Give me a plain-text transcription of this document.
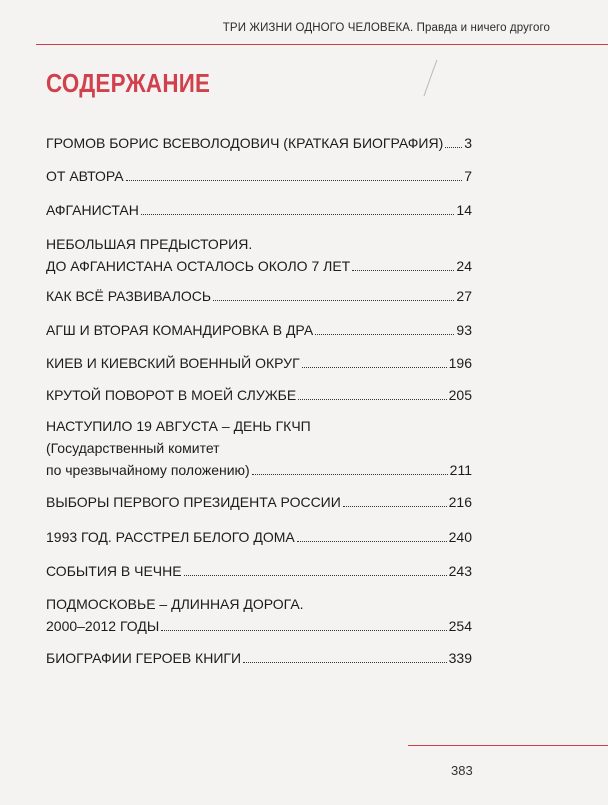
ТРИ ЖИЗНИ ОДНОГО ЧЕЛОВЕКА. Правда и ничего другого
СОДЕРЖАНИЕ
ГРОМОВ БОРИС ВСЕВОЛОДОВИЧ (КРАТКАЯ БИОГРАФИЯ) 3
ОТ АВТОРА	7
АФГАНИСТАН	14
НЕБОЛЬШАЯ ПРЕДЫСТОРИЯ.
ДО АФГАНИСТАНА ОСТАЛОСЬ ОКОЛО 7 ЛЕТ	24
КАК ВСЁ РАЗВИВАЛОСЬ	27
АГШ И ВТОРАЯ КОМАНДИРОВКА В ДРА	93
КИЕВ И КИЕВСКИЙ ВОЕННЫЙ ОКРУГ	196
КРУТОЙ ПОВОРОТ В МОЕЙ СЛУЖБЕ	205
НАСТУПИЛО 19 АВГУСТА – ДЕНЬ ГКЧП
(Государственный комитет
по чрезвычайному положению)	211
ВЫБОРЫ ПЕРВОГО ПРЕЗИДЕНТА РОССИИ	216
1993 ГОД. РАССТРЕЛ БЕЛОГО ДОМА	240
СОБЫТИЯ В ЧЕЧНЕ	243
ПОДМОСКОВЬЕ – ДЛИННАЯ ДОРОГА.
2000–2012 ГОДЫ	254
БИОГРАФИИ ГЕРОЕВ КНИГИ	339
383
